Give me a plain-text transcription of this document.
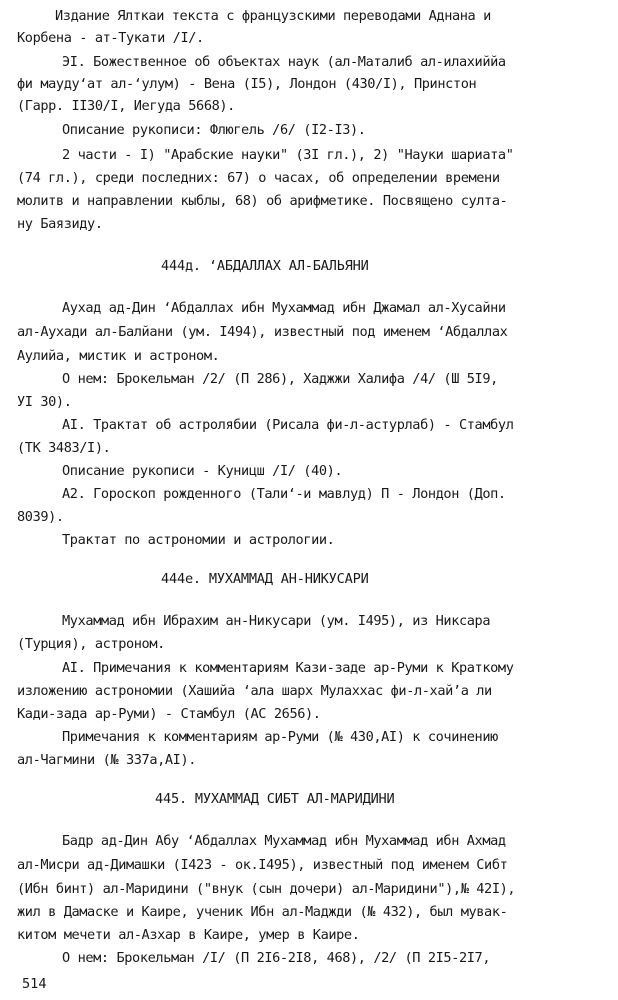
Издание Ялткаи текста с французскими переводами Аднана и
Корбена - ат-Тукати /I/.
ЭI. Божественное об объектах наук (ал-Маталиб ал-илахиййа
фи мауду‘ат ал-‘улум) - Вена (I5), Лондон (430/I), Принстон
(Гарр. II30/I, Иегуда 5668).
Описание рукописи: Флюгель /6/ (I2-I3).
2 части - I) "Арабские науки" (3I гл.), 2) "Науки шариата"
(74 гл.), среди последних: 67) о часах, об определении времени
молитв и направлении кыблы, 68) об арифметике. Посвящено султа-
ну Баязиду.
444д. ‘АБДАЛЛАХ АЛ-БАЛЬЯНИ
Аухад ад-Дин ‘Абдаллах ибн Мухаммад ибн Джамал ал-Хусайни
ал-Аухади ал-Балйани (ум. I494), известный под именем ‘Абдаллах
Аулийа, мистик и астроном.
О нем: Брокельман /2/ (П 286), Хаджжи Халифа /4/ (Ш 5I9,
УI 30).
АI. Трактат об астролябии (Рисала фи-л-астурлаб) - Стамбул
(ТК 3483/I).
Описание рукописи - Куницш /I/ (40).
А2. Гороскоп рожденного (Тали‘-и мавлуд) П - Лондон (Доп.
8039).
Трактат по астрономии и астрологии.
444е. МУХАММАД АН-НИКУСАРИ
Мухаммад ибн Ибрахим ан-Никусари (ум. I495), из Никсара
(Турция), астроном.
АI. Примечания к комментариям Кази-заде ар-Руми к Краткому
изложению астрономии (Хашийа ‘ала шарх Мулаххас фи-л-хай’а ли
Кади-зада ар-Руми) - Стамбул (АС 2656).
Примечания к комментариям ар-Руми (№ 430,АI) к сочинению
ал-Чагмини (№ 337а,АI).
445. МУХАММАД СИБТ АЛ-МАРИДИНИ
Бадр ад-Дин Абу ‘Абдаллах Мухаммад ибн Мухаммад ибн Ахмад
ал-Мисри ад-Димашки (I423 - ок.I495), известный под именем Сибт
(Ибн бинт) ал-Маридини ("внук (сын дочери) ал-Маридини"),№ 42I),
жил в Дамаске и Каире, ученик Ибн ал-Маджди (№ 432), был мувак-
китом мечети ал-Азхар в Каире, умер в Каире.
О нем: Брокельман /I/ (П 2I6-2I8, 468), /2/ (П 2I5-2I7,
514
